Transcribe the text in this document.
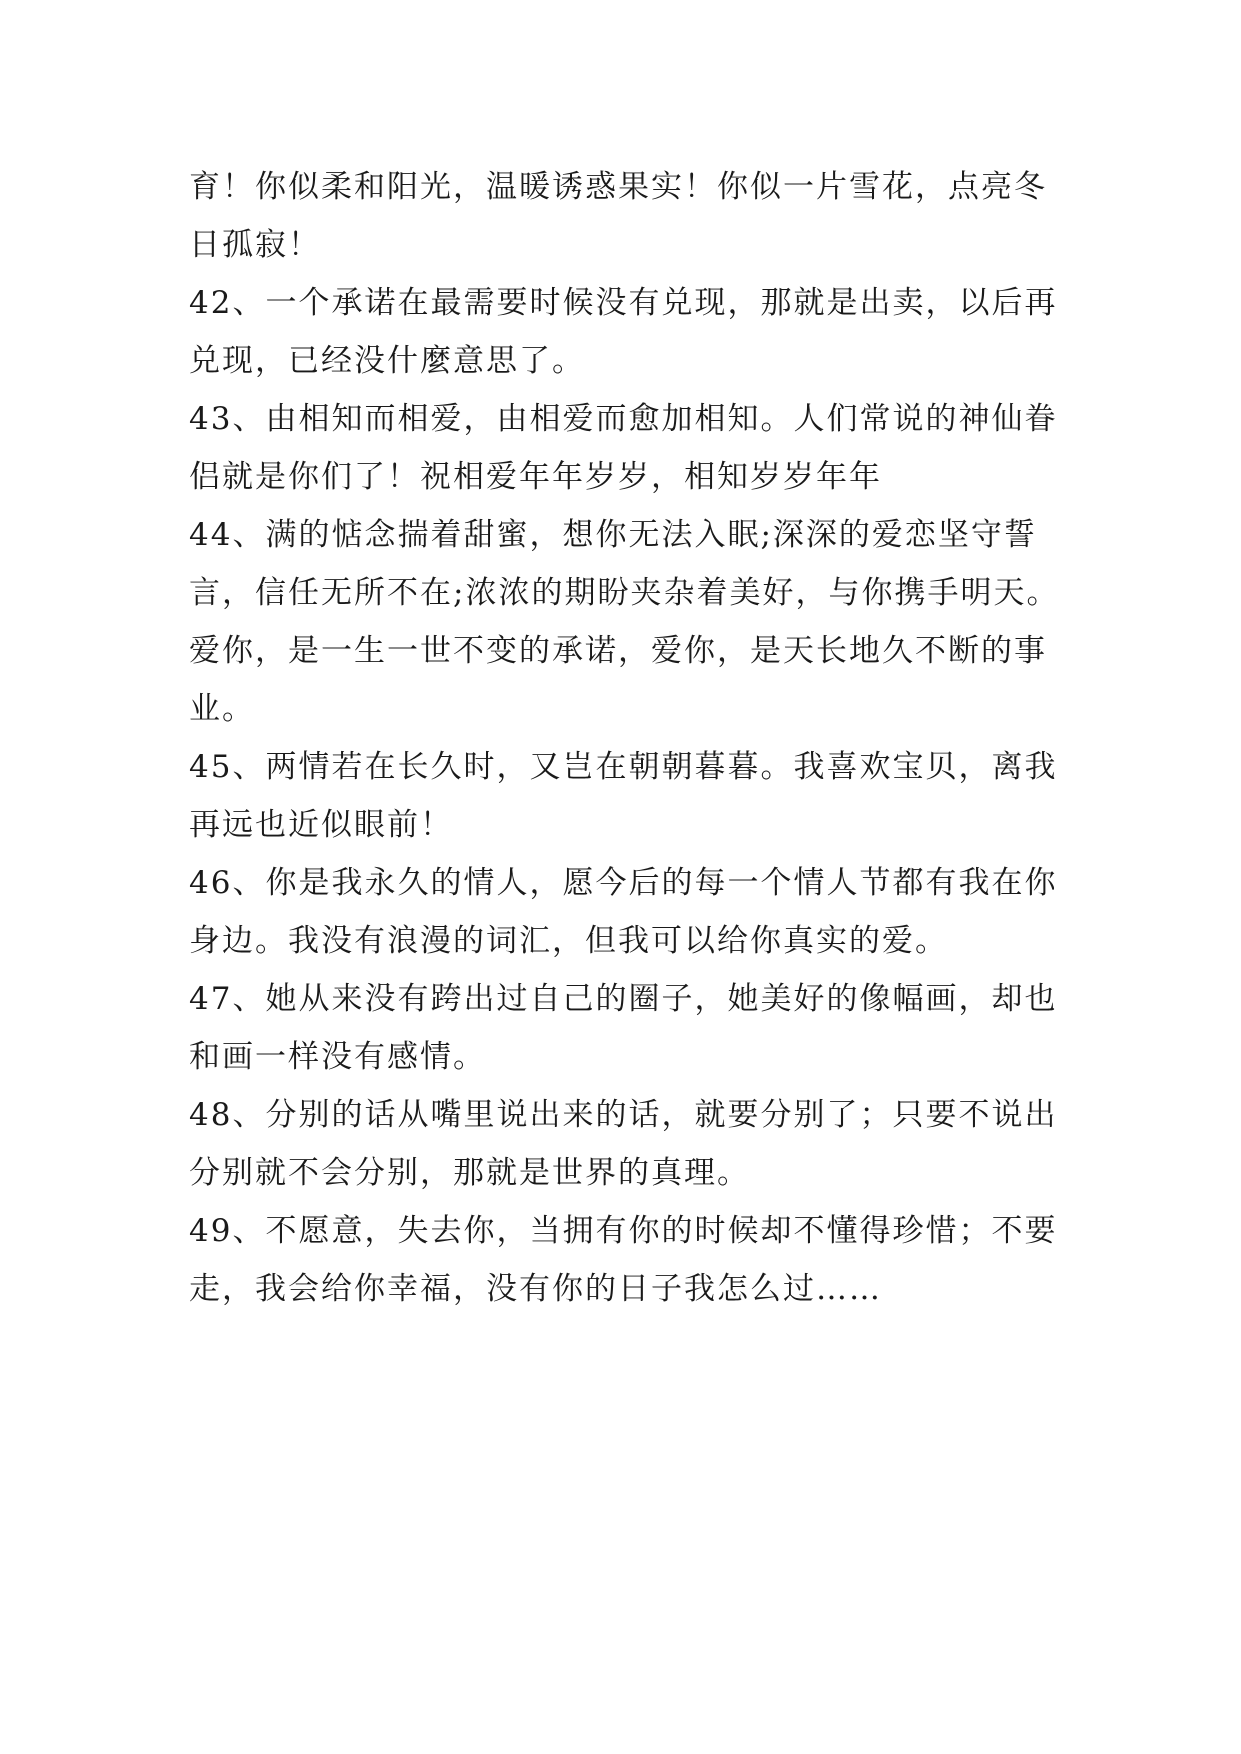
育！你似柔和阳光，温暖诱惑果实！你似一片雪花，点亮冬
日孤寂！
42、一个承诺在最需要时候没有兑现，那就是出卖，以后再
兑现，已经没什麼意思了。
43、由相知而相爱，由相爱而愈加相知。人们常说的神仙眷
侣就是你们了！祝相爱年年岁岁，相知岁岁年年
44、满的惦念揣着甜蜜，想你无法入眠;深深的爱恋坚守誓
言，信任无所不在;浓浓的期盼夹杂着美好，与你携手明天。
爱你，是一生一世不变的承诺，爱你，是天长地久不断的事
业。
45、两情若在长久时，又岂在朝朝暮暮。我喜欢宝贝，离我
再远也近似眼前！
46、你是我永久的情人，愿今后的每一个情人节都有我在你
身边。我没有浪漫的词汇，但我可以给你真实的爱。
47、她从来没有跨出过自己的圈子，她美好的像幅画，却也
和画一样没有感情。
48、分别的话从嘴里说出来的话，就要分别了；只要不说出
分别就不会分别，那就是世界的真理。
49、不愿意，失去你，当拥有你的时候却不懂得珍惜；不要
走，我会给你幸福，没有你的日子我怎么过……
